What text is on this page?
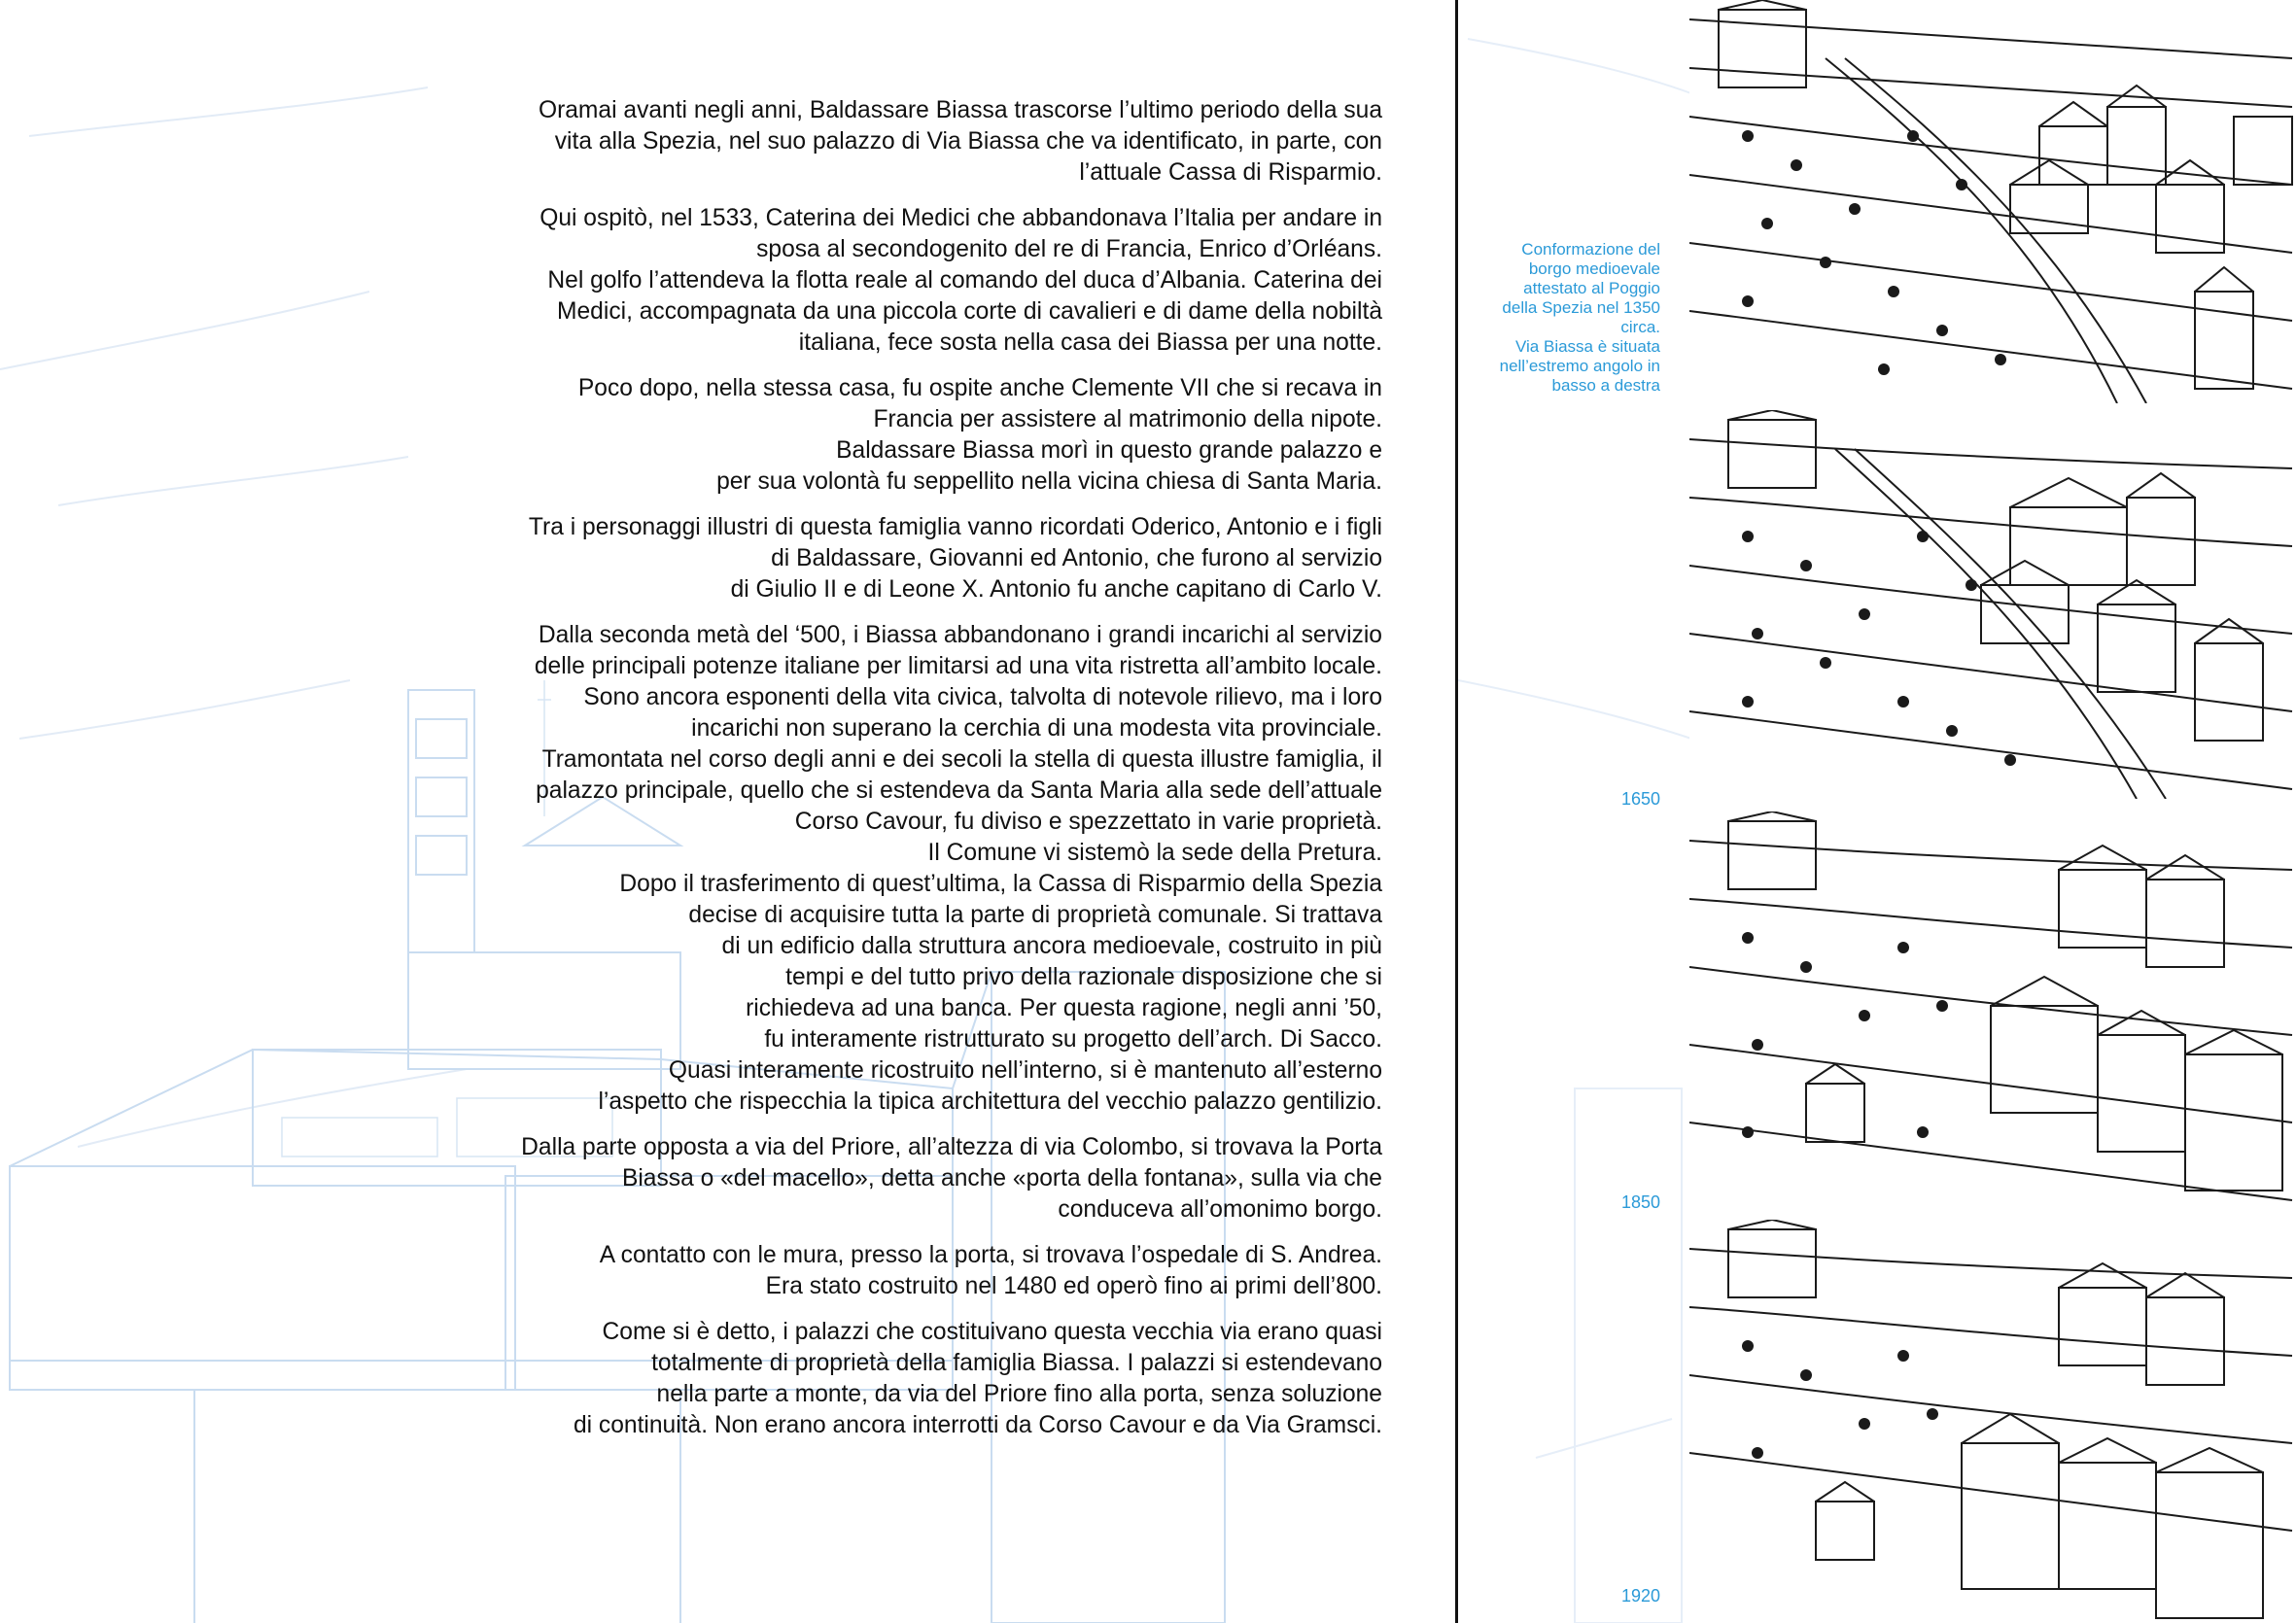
Oramai avanti negli anni, Baldassare Biassa trascorse l’ultimo periodo della sua
vita alla Spezia, nel suo palazzo di Via Biassa che va identificato, in parte, con
l’attuale Cassa di Risparmio.

Qui ospitò, nel 1533, Caterina dei Medici che abbandonava l’Italia per andare in
sposa al secondogenito del re di Francia, Enrico d’Orléans.
Nel golfo l’attendeva la flotta reale al comando del duca d’Albania. Caterina dei
Medici, accompagnata da una piccola corte di cavalieri e di dame della nobiltà
italiana, fece sosta nella casa dei Biassa per una notte.

Poco dopo, nella stessa casa, fu ospite anche Clemente VII che si recava in
Francia per assistere al matrimonio della nipote.
Baldassare Biassa morì in questo grande palazzo e
per sua volontà fu seppellito nella vicina chiesa di Santa Maria.

Tra i personaggi illustri di questa famiglia vanno ricordati Oderico, Antonio e i figli
di Baldassare, Giovanni ed Antonio, che furono al servizio
di Giulio II e di Leone X. Antonio fu anche capitano di Carlo V.

Dalla seconda metà del ‘500, i Biassa abbandonano i grandi incarichi al servizio
delle principali potenze italiane per limitarsi ad una vita ristretta all’ambito locale.
Sono ancora esponenti della vita civica, talvolta di notevole rilievo, ma i loro
incarichi non superano la cerchia di una modesta vita provinciale.
Tramontata nel corso degli anni e dei secoli la stella di questa illustre famiglia, il
palazzo principale, quello che si estendeva da Santa Maria alla sede dell’attuale
Corso Cavour, fu diviso e spezzettato in varie proprietà.
Il Comune vi sistemò la sede della Pretura.
Dopo il trasferimento di quest’ultima, la Cassa di Risparmio della Spezia
decise di acquisire tutta la parte di proprietà comunale. Si trattava
di un edificio dalla struttura ancora medioevale, costruito in più
tempi e del tutto privo della razionale disposizione che si
richiedeva ad una banca. Per questa ragione, negli anni ’50,
fu interamente ristrutturato su progetto dell’arch. Di Sacco.
Quasi interamente ricostruito nell’interno, si è mantenuto all’esterno
l’aspetto che rispecchia la tipica architettura del vecchio palazzo gentilizio.

Dalla parte opposta a via del Priore, all’altezza di via Colombo, si trovava la Porta
Biassa o «del macello», detta anche «porta della fontana», sulla via che
conduceva all’omonimo borgo.

A contatto con le mura, presso la porta, si trovava l’ospedale di S. Andrea.
Era stato costruito nel 1480 ed operò fino ai primi dell’800.

Come si è detto, i palazzi che costituivano questa vecchia via erano quasi
totalmente di proprietà della famiglia Biassa. I palazzi si estendevano
nella parte a monte, da via del Priore fino alla porta, senza soluzione
di continuità. Non erano ancora interrotti da Corso Cavour e da Via Gramsci.

Conformazione del
borgo medioevale
attestato al Poggio
della Spezia nel 1350
circa.
Via Biassa è situata
nell’estremo angolo in
basso a destra
1650
1850
1920
